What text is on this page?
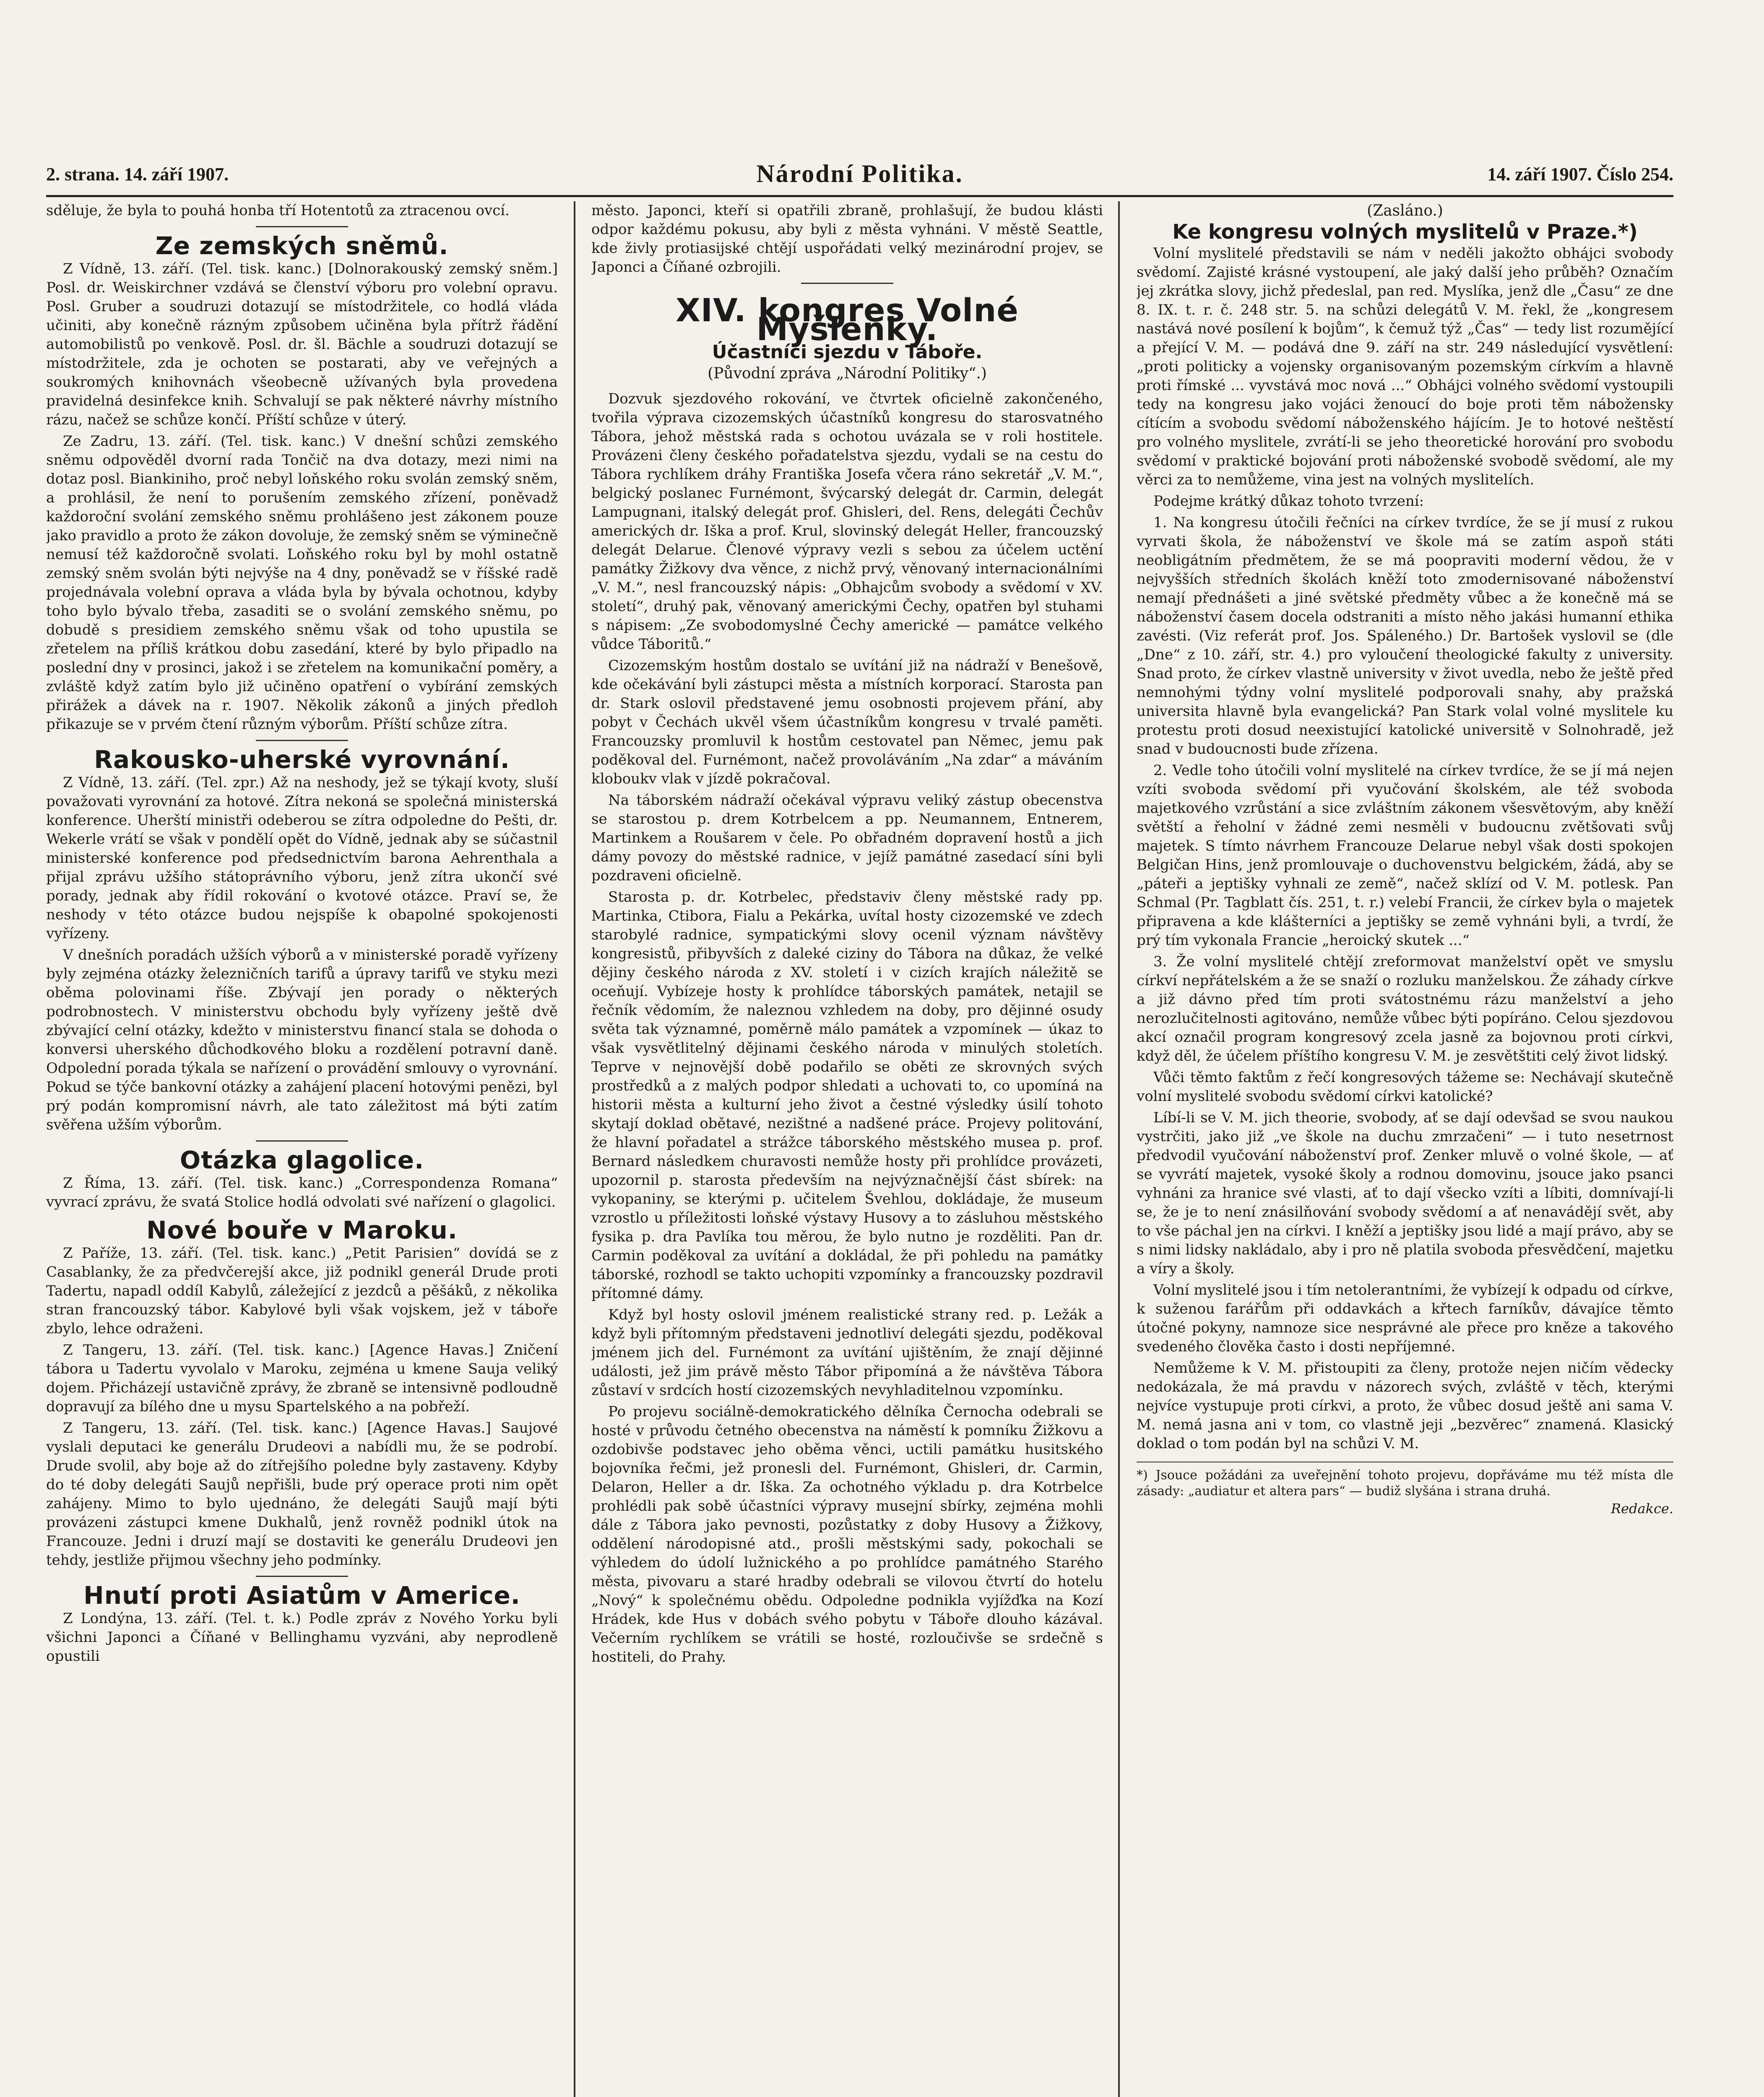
2. strana. 14. září 1907.	Národní Politika.	14. září 1907. Číslo 254.

sděluje, že byla to pouhá honba tří Hotentotů za ztracenou ovcí.

Ze zemských sněmů.

Z Vídně, 13. září. (Tel. tisk. kanc.) [Dolnorakouský zemský sněm.] Posl. dr. Weiskirchner vzdává se členství výboru pro volební opravu. Posl. Gruber a soudruzi dotazují se místodržitele, co hodlá vláda učiniti, aby konečně rázným způsobem učiněna byla přítrž řádění automobilistů po venkově. Posl. dr. šl. Bächle a soudruzi dotazují se místodržitele, zda je ochoten se postarati, aby ve veřejných a soukromých knihovnách všeobecně užívaných byla provedena pravidelná desinfekce knih. Schvalují se pak některé návrhy místního rázu, načež se schůze končí. Příští schůze v úterý.

Ze Zadru, 13. září. (Tel. tisk. kanc.) V dnešní schůzi zemského sněmu odpověděl dvorní rada Tončič na dva dotazy, mezi nimi na dotaz posl. Biankiniho, proč nebyl loňského roku svolán zemský sněm, a prohlásil, že není to porušením zemského zřízení, poněvadž každoroční svolání zemského sněmu prohlášeno jest zákonem pouze jako pravidlo a proto že zákon dovoluje, že zemský sněm se výminečně nemusí též každoročně svolati. Loňského roku byl by mohl ostatně zemský sněm svolán býti nejvýše na 4 dny, poněvadž se v říšské radě projednávala volební oprava a vláda byla by bývala ochotnou, kdyby toho bylo bývalo třeba, zasaditi se o svolání zemského sněmu, po dobudě s presidiem zemského sněmu však od toho upustila se zřetelem na příliš krátkou dobu zasedání, které by bylo připadlo na poslední dny v prosinci, jakož i se zřetelem na komunikační poměry, a zvláště když zatím bylo již učiněno opatření o vybírání zemských přirážek a dávek na r. 1907. Několik zákonů a jiných předloh přikazuje se v prvém čtení různým výborům. Příští schůze zítra.

Rakousko-uherské vyrovnání.

Z Vídně, 13. září. (Tel. zpr.) Až na neshody, jež se týkají kvoty, sluší považovati vyrovnání za hotové. Zítra nekoná se společná ministerská konference. Uherští ministři odeberou se zítra odpoledne do Pešti, dr. Wekerle vrátí se však v pondělí opět do Vídně, jednak aby se súčastnil ministerské konference pod předsednictvím barona Aehrenthala a přijal zprávu užšího státoprávního výboru, jenž zítra ukončí své porady, jednak aby řídil rokování o kvotové otázce. Praví se, že neshody v této otázce budou nejspíše k obapolné spokojenosti vyřízeny.

V dnešních poradách užších výborů a v ministerské poradě vyřízeny byly zejména otázky železničních tarifů a úpravy tarifů ve styku mezi oběma polovinami říše. Zbývají jen porady o některých podrobnostech. V ministerstvu obchodu byly vyřízeny ještě dvě zbývající celní otázky, kdežto v ministerstvu financí stala se dohoda o konversi uherského důchodkového bloku a rozdělení potravní daně. Odpolední porada týkala se nařízení o provádění smlouvy o vyrovnání. Pokud se týče bankovní otázky a zahájení placení hotovými penězi, byl prý podán kompromisní návrh, ale tato záležitost má býti zatím svěřena užším výborům.

Otázka glagolice.

Z Říma, 13. září. (Tel. tisk. kanc.) „Correspondenza Romana“ vyvrací zprávu, že svatá Stolice hodlá odvolati své nařízení o glagolici.

Nové bouře v Maroku.

Z Paříže, 13. září. (Tel. tisk. kanc.) „Petit Parisien“ dovídá se z Casablanky, že za předvčerejší akce, již podnikl generál Drude proti Tadertu, napadl oddíl Kabylů, záležející z jezdců a pěšáků, z několika stran francouzský tábor. Kabylové byli však vojskem, jež v táboře zbylo, lehce odraženi.

Z Tangeru, 13. září. (Tel. tisk. kanc.) [Agence Havas.] Zničení tábora u Tadertu vyvolalo v Maroku, zejména u kmene Sauja veliký dojem. Přicházejí ustavičně zprávy, že zbraně se intensivně podloudně dopravují za bílého dne u mysu Spartelského a na pobřeží.

Z Tangeru, 13. září. (Tel. tisk. kanc.) [Agence Havas.] Saujové vyslali deputaci ke generálu Drudeovi a nabídli mu, že se podrobí. Drude svolil, aby boje až do zítřejšího poledne byly zastaveny. Kdyby do té doby delegáti Saujů nepřišli, bude prý operace proti nim opět zahájeny. Mimo to bylo ujednáno, že delegáti Saujů mají býti provázeni zástupci kmene Dukhalů, jenž rovněž podnikl útok na Francouze. Jedni i druzí mají se dostaviti ke generálu Drudeovi jen tehdy, jestliže přijmou všechny jeho podmínky.

Hnutí proti Asiatům v Americe.

Z Londýna, 13. září. (Tel. t. k.) Podle zpráv z Nového Yorku byli všichni Japonci a Číňané v Bellinghamu vyzváni, aby neprodleně opustili

město. Japonci, kteří si opatřili zbraně, prohlašují, že budou klásti odpor každému pokusu, aby byli z města vyhnáni. V městě Seattle, kde živly protiasijské chtějí uspořádati velký mezinárodní projev, se Japonci a Číňané ozbrojili.

XIV. kongres Volné Myšlenky.
Účastníci sjezdu v Táboře.
(Původní zpráva „Národní Politiky“.)

Dozvuk sjezdového rokování, ve čtvrtek oficielně zakončeného, tvořila výprava cizozemských účastníků kongresu do starosvatného Tábora, jehož městská rada s ochotou uvázala se v roli hostitele. Provázeni členy českého pořadatelstva sjezdu, vydali se na cestu do Tábora rychlíkem dráhy Františka Josefa včera ráno sekretář „V. M.“, belgický poslanec Furnémont, švýcarský delegát dr. Carmin, delegát Lampugnani, italský delegát prof. Ghisleri, del. Rens, delegáti Čechův amerických dr. Iška a prof. Krul, slovinský delegát Heller, francouzský delegát Delarue. Členové výpravy vezli s sebou za účelem uctění památky Žižkovy dva věnce, z nichž prvý, věnovaný internacionálními „V. M.“, nesl francouzský nápis: „Obhajcům svobody a svědomí v XV. století“, druhý pak, věnovaný americkými Čechy, opatřen byl stuhami s nápisem: „Ze svobodomyslné Čechy americké — památce velkého vůdce Táboritů.“

Cizozemským hostům dostalo se uvítání již na nádraží v Benešově, kde očekávání byli zástupci města a místních korporací. Starosta pan dr. Stark oslovil představené jemu osobnosti projevem přání, aby pobyt v Čechách ukvěl všem účastníkům kongresu v trvalé paměti. Francouzsky promluvil k hostům cestovatel pan Němec, jemu pak poděkoval del. Furnémont, načež provoláváním „Na zdar“ a máváním kloboukv vlak v jízdě pokračoval.

Na táborském nádraží očekával výpravu veliký zástup obecenstva se starostou p. drem Kotrbelcem a pp. Neumannem, Entnerem, Martinkem a Roušarem v čele. Po obřadném dopravení hostů a jich dámy povozy do městské radnice, v jejíž památné zasedací síni byli pozdraveni oficielně.

Starosta p. dr. Kotrbelec, představiv členy městské rady pp. Martinka, Ctibora, Fialu a Pekárka, uvítal hosty cizozemské ve zdech starobylé radnice, sympatickými slovy ocenil význam návštěvy kongresistů, přibyvších z daleké ciziny do Tábora na důkaz, že velké dějiny českého národa z XV. století i v cizích krajích náležitě se oceňují. Vybízeje hosty k prohlídce táborských památek, netajil se řečník vědomím, že naleznou vzhledem na doby, pro dějinné osudy světa tak významné, poměrně málo památek a vzpomínek — úkaz to však vysvětlitelný dějinami českého národa v minulých stoletích. Teprve v nejnovější době podařilo se oběti ze skrovných svých prostředků a z malých podpor shledati a uchovati to, co upomíná na historii města a kulturní jeho život a čestné výsledky úsilí tohoto skytají doklad obětavé, nezištné a nadšené práce. Projevy politování, že hlavní pořadatel a strážce táborského městského musea p. prof. Bernard následkem churavosti nemůže hosty při prohlídce provázeti, upozornil p. starosta především na nejvýznačnější část sbírek: na vykopaniny, se kterými p. učitelem Švehlou, dokládaje, že museum vzrostlo u příležitosti loňské výstavy Husovy a to zásluhou městského fysika p. dra Pavlíka tou měrou, že bylo nutno je rozděliti. Pan dr. Carmin poděkoval za uvítání a dokládal, že při pohledu na památky táborské, rozhodl se takto uchopiti vzpomínky a francouzsky pozdravil přítomné dámy.

Když byl hosty oslovil jménem realistické strany red. p. Ležák a když byli přítomným představeni jednotliví delegáti sjezdu, poděkoval jménem jich del. Furnémont za uvítání ujištěním, že znají dějinné události, jež jim právě město Tábor připomíná a že návštěva Tábora zůstaví v srdcích hostí cizozemských nevyhladitelnou vzpomínku.

Po projevu sociálně-demokratického dělníka Černocha odebrali se hosté v průvodu četného obecenstva na náměstí k pomníku Žižkovu a ozdobivše podstavec jeho oběma věnci, uctili památku husitského bojovníka řečmi, jež pronesli del. Furnémont, Ghisleri, dr. Carmin, Delaron, Heller a dr. Iška. Za ochotného výkladu p. dra Kotrbelce prohlédli pak sobě účastníci výpravy musejní sbírky, zejména mohli dále z Tábora jako pevnosti, pozůstatky z doby Husovy a Žižkovy, oddělení národopisné atd., prošli městskými sady, pokochali se výhledem do údolí lužnického a po prohlídce památného Starého města, pivovaru a staré hradby odebrali se vilovou čtvrtí do hotelu „Nový“ k společnému obědu. Odpoledne podnikla vyjížďka na Kozí Hrádek, kde Hus v dobách svého pobytu v Táboře dlouho kázával. Večerním rychlíkem se vrátili se hosté, rozloučivše se srdečně s hostiteli, do Prahy.

(Zasláno.)
Ke kongresu volných myslitelů v Praze.*)

Volní myslitelé představili se nám v neděli jakožto obhájci svobody svědomí. Zajisté krásné vystoupení, ale jaký další jeho průběh? Označím jej zkrátka slovy, jichž předeslal, pan red. Myslíka, jenž dle „Času“ ze dne 8. IX. t. r. č. 248 str. 5. na schůzi delegátů V. M. řekl, že „kongresem nastává nové posílení k bojům“, k čemuž týž „Čas“ — tedy list rozumějící a přející V. M. — podává dne 9. září na str. 249 následující vysvětlení: „proti politicky a vojensky organisovaným pozemským církvím a hlavně proti římské ... vyvstává moc nová ...“ Obhájci volného svědomí vystoupili tedy na kongresu jako vojáci ženoucí do boje proti těm nábožensky cítícím a svobodu svědomí náboženského hájícím. Je to hotové neštěstí pro volného myslitele, zvrátí-li se jeho theoretické horování pro svobodu svědomí v praktické bojování proti náboženské svobodě svědomí, ale my věrci za to nemůžeme, vina jest na volných myslitelích.

Podejme krátký důkaz tohoto tvrzení:

1. Na kongresu útočili řečníci na církev tvrdíce, že se jí musí z rukou vyrvati škola, že náboženství ve škole má se zatím aspoň státi neobligátním předmětem, že se má poopraviti moderní vědou, že v nejvyšších středních školách kněží toto zmodernisované náboženství nemají přednášeti a jiné světské předměty vůbec a že konečně má se náboženství časem docela odstraniti a místo něho jakási humanní ethika zavésti. (Viz referát prof. Jos. Spáleného.) Dr. Bartošek vyslovil se (dle „Dne“ z 10. září, str. 4.) pro vyloučení theologické fakulty z university. Snad proto, že církev vlastně university v život uvedla, nebo že ještě před nemnohými týdny volní myslitelé podporovali snahy, aby pražská universita hlavně byla evangelická? Pan Stark volal volné myslitele ku protestu proti dosud neexistující katolické universitě v Solnohradě, jež snad v budoucnosti bude zřízena.

2. Vedle toho útočili volní myslitelé na církev tvrdíce, že se jí má nejen vzíti svoboda svědomí při vyučování školském, ale též svoboda majetkového vzrůstání a sice zvláštním zákonem všesvětovým, aby kněží světští a řeholní v žádné zemi nesměli v budoucnu zvětšovati svůj majetek. S tímto návrhem Francouze Delarue nebyl však dosti spokojen Belgičan Hins, jenž promlouvaje o duchovenstvu belgickém, žádá, aby se „páteři a jeptišky vyhnali ze země“, načež sklízí od V. M. potlesk. Pan Schmal (Pr. Tagblatt čís. 251, t. r.) velebí Francii, že církev byla o majetek připravena a kde klášterníci a jeptišky se země vyhnáni byli, a tvrdí, že prý tím vykonala Francie „heroický skutek ...“

3. Že volní myslitelé chtějí zreformovat manželství opět ve smyslu církví nepřátelském a že se snaží o rozluku manželskou. Že záhady církve a již dávno před tím proti svátostnému rázu manželství a jeho nerozlučitelnosti agitováno, nemůže vůbec býti popíráno. Celou sjezdovou akcí označil program kongresový zcela jasně za bojovnou proti církvi, když děl, že účelem příštího kongresu V. M. je zesvětštiti celý život lidský.

Vůči těmto faktům z řečí kongresových tážeme se: Nechávají skutečně volní myslitelé svobodu svědomí církvi katolické?

Líbí-li se V. M. jich theorie, svobody, ať se dají odevšad se svou naukou vystrčiti, jako již „ve škole na duchu zmrzačeni“ — i tuto nesetrnost předvodil vyučování náboženství prof. Zenker mluvě o volné škole, — ať se vyvrátí majetek, vysoké školy a rodnou domovinu, jsouce jako psanci vyhnáni za hranice své vlasti, ať to dají všecko vzíti a líbiti, domnívají-li se, že je to není znásilňování svobody svědomí a ať nenavádějí svět, aby to vše páchal jen na církvi. I kněží a jeptišky jsou lidé a mají právo, aby se s nimi lidsky nakládalo, aby i pro ně platila svoboda přesvědčení, majetku a víry a školy.

Volní myslitelé jsou i tím netolerantními, že vybízejí k odpadu od církve, k suženou farářům při oddavkách a křtech farníkův, dávajíce těmto útočné pokyny, namnoze sice nesprávné ale přece pro kněze a takového svedeného člověka často i dosti nepříjemné.

Nemůžeme k V. M. přistoupiti za členy, protože nejen ničím vědecky nedokázala, že má pravdu v názorech svých, zvláště v těch, kterými nejvíce vystupuje proti církvi, a proto, že vůbec dosud ještě ani sama V. M. nemá jasna ani v tom, co vlastně jeji „bezvěrec“ znamená. Klasický doklad o tom podán byl na schůzi V. M.

*) Jsouce požádáni za uveřejnění tohoto projevu, dopřáváme mu též místa dle zásady: „audiatur et altera pars“ — budiž slyšána i strana druhá.
Redakce.
